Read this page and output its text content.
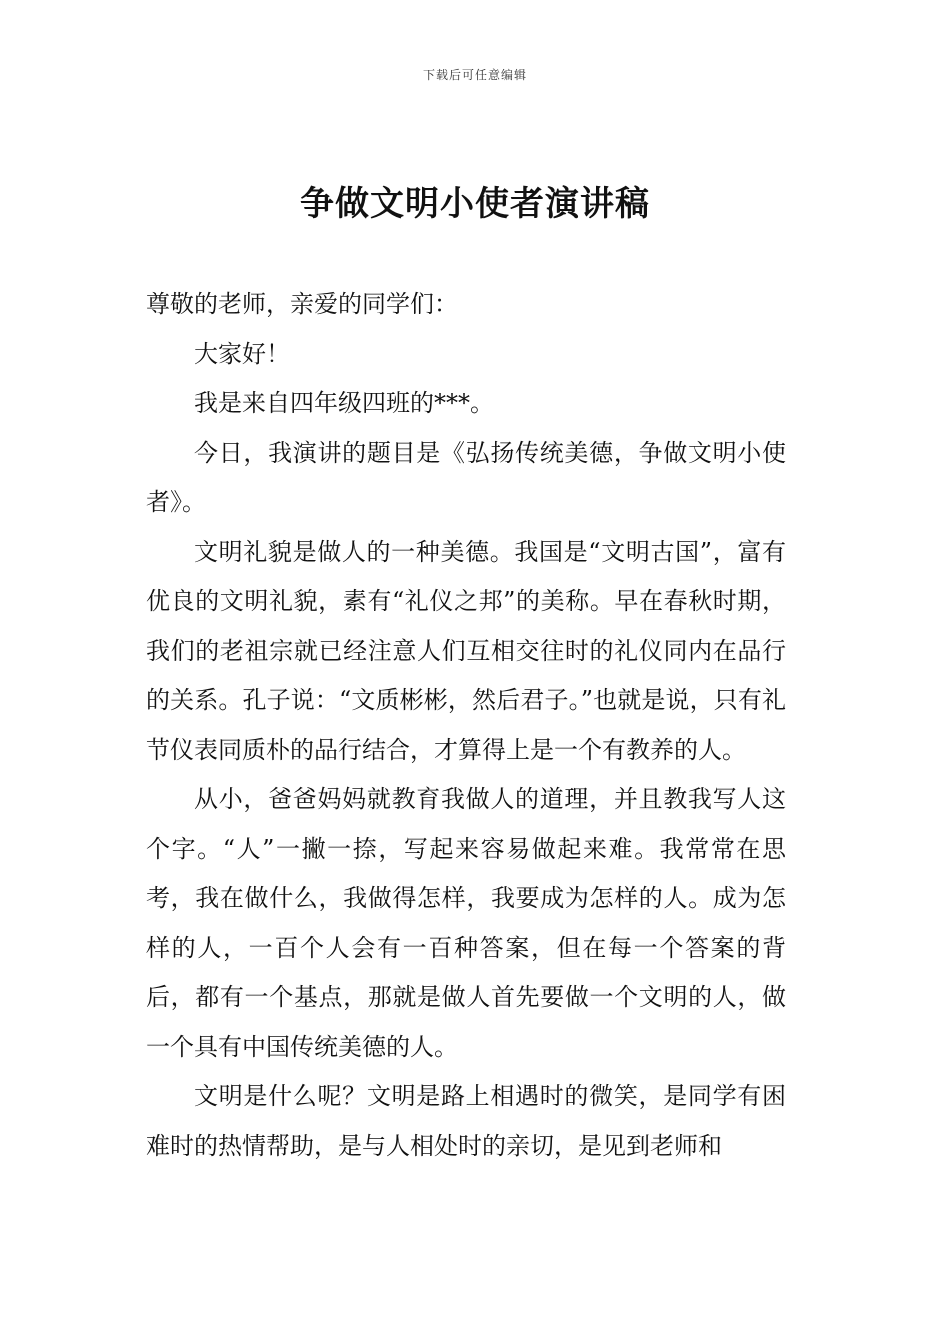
下载后可任意编辑
争做文明小使者演讲稿

尊敬的老师，亲爱的同学们：

大家好！

我是来自四年级四班的***。

今日，我演讲的题目是《弘扬传统美德，争做文明小使者》。

文明礼貌是做人的一种美德。我国是“文明古国”，富有优良的文明礼貌，素有“礼仪之邦”的美称。早在春秋时期，我们的老祖宗就已经注意人们互相交往时的礼仪同内在品行的关系。孔子说：“文质彬彬，然后君子。”也就是说，只有礼节仪表同质朴的品行结合，才算得上是一个有教养的人。

从小，爸爸妈妈就教育我做人的道理，并且教我写人这个字。“人”一撇一捺，写起来容易做起来难。我常常在思考，我在做什么，我做得怎样，我要成为怎样的人。成为怎样的人，一百个人会有一百种答案，但在每一个答案的背后，都有一个基点，那就是做人首先要做一个文明的人，做一个具有中国传统美德的人。

文明是什么呢？文明是路上相遇时的微笑，是同学有困难时的热情帮助，是与人相处时的亲切，是见到老师和
